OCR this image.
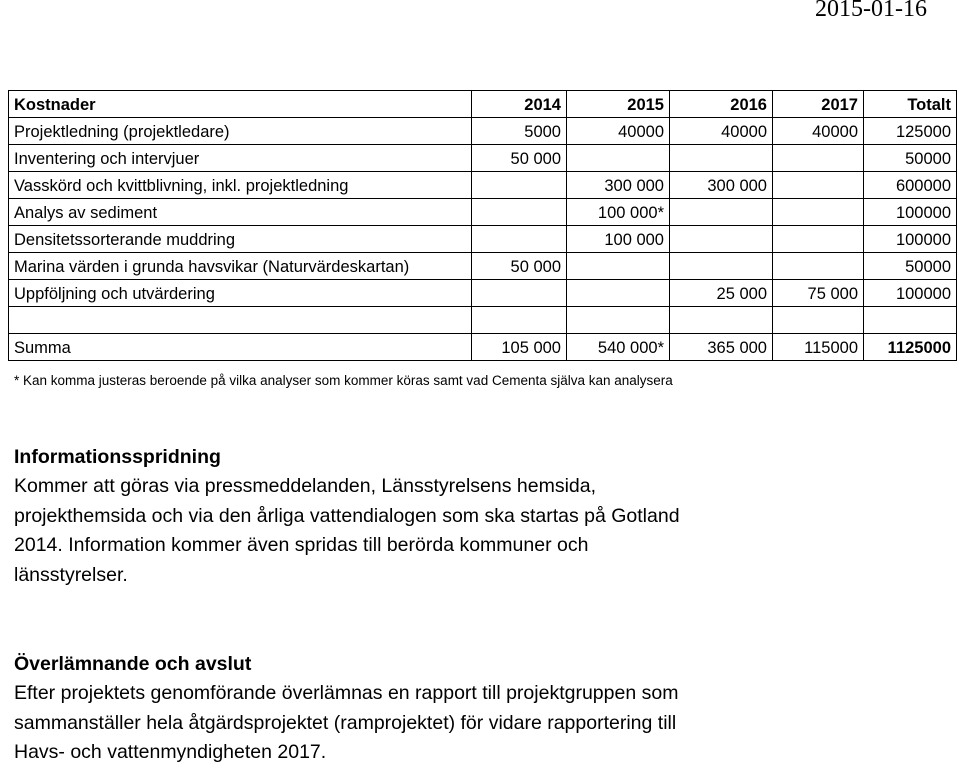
2015-01-16
Kostnader	2014	2015	2016	2017	Totalt
Projektledning (projektledare)	5000	40000	40000	40000	125000
Inventering och intervjuer	50 000				50000
Vasskörd och kvittblivning, inkl. projektledning		300 000	300 000		600000
Analys av sediment		100 000*			100000
Densitetssorterande muddring		100 000			100000
Marina värden i grunda havsvikar (Naturvärdeskartan)	50 000				50000
Uppföljning och utvärdering			25 000	75 000	100000

Summa	105 000	540 000*	365 000	115000	1125000
* Kan komma justeras beroende på vilka analyser som kommer köras samt vad Cementa själva kan analysera
Informationsspridning

Kommer att göras via pressmeddelanden, Länsstyrelsens hemsida,
projekthemsida och via den årliga vattendialogen som ska startas på Gotland
2014. Information kommer även spridas till berörda kommuner och
länsstyrelser.

Överlämnande och avslut

Efter projektets genomförande överlämnas en rapport till projektgruppen som
sammanställer hela åtgärdsprojektet (ramprojektet) för vidare rapportering till
Havs- och vattenmyndigheten 2017.
